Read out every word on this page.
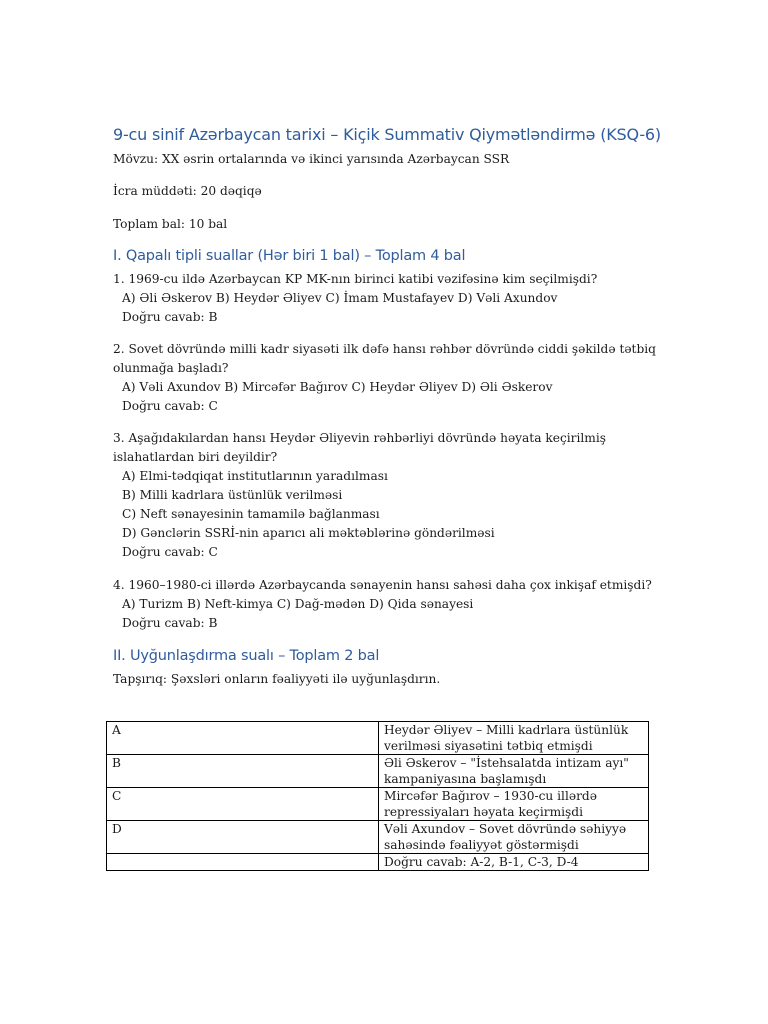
9-cu sinif Azərbaycan tarixi – Kiçik Summativ Qiymətləndirmə (KSQ-6)
Mövzu: XX əsrin ortalarında və ikinci yarısında Azərbaycan SSR
İcra müddəti: 20 dəqiqə
Toplam bal: 10 bal
I. Qapalı tipli suallar (Hər biri 1 bal) – Toplam 4 bal
1. 1969-cu ildə Azərbaycan KP MK-nın birinci katibi vəzifəsinə kim seçilmişdi?
A) Əli Əskerov B) Heydər Əliyev C) İmam Mustafayev D) Vəli Axundov
Doğru cavab: B
2. Sovet dövründə milli kadr siyasəti ilk dəfə hansı rəhbər dövründə ciddi şəkildə tətbiq
olunmağa başladı?
A) Vəli Axundov B) Mircəfər Bağırov C) Heydər Əliyev D) Əli Əskerov
Doğru cavab: C
3. Aşağıdakılardan hansı Heydər Əliyevin rəhbərliyi dövründə həyata keçirilmiş
islahatlardan biri deyildir?
A) Elmi-tədqiqat institutlarının yaradılması
B) Milli kadrlara üstünlük verilməsi
C) Neft sənayesinin tamamilə bağlanması
D) Gənclərin SSRİ-nin aparıcı ali məktəblərinə göndərilməsi
Doğru cavab: C
4. 1960–1980-ci illərdə Azərbaycanda sənayenin hansı sahəsi daha çox inkişaf etmişdi?
A) Turizm B) Neft-kimya C) Dağ-mədən D) Qida sənayesi
Doğru cavab: B
II. Uyğunlaşdırma sualı – Toplam 2 bal
Tapşırıq: Şəxsləri onların fəaliyyəti ilə uyğunlaşdırın.
A	Heydər Əliyev – Milli kadrlara üstünlük
verilməsi siyasətini tətbiq etmişdi

B	Əli Əskerov – "İstehsalatda intizam ayı"
kampaniyasına başlamışdı

C	Mircəfər Bağırov – 1930-cu illərdə
repressiyaları həyata keçirmişdi

D	Vəli Axundov – Sovet dövründə səhiyyə
sahəsində fəaliyyət göstərmişdi

	Doğru cavab: A-2, B-1, C-3, D-4
